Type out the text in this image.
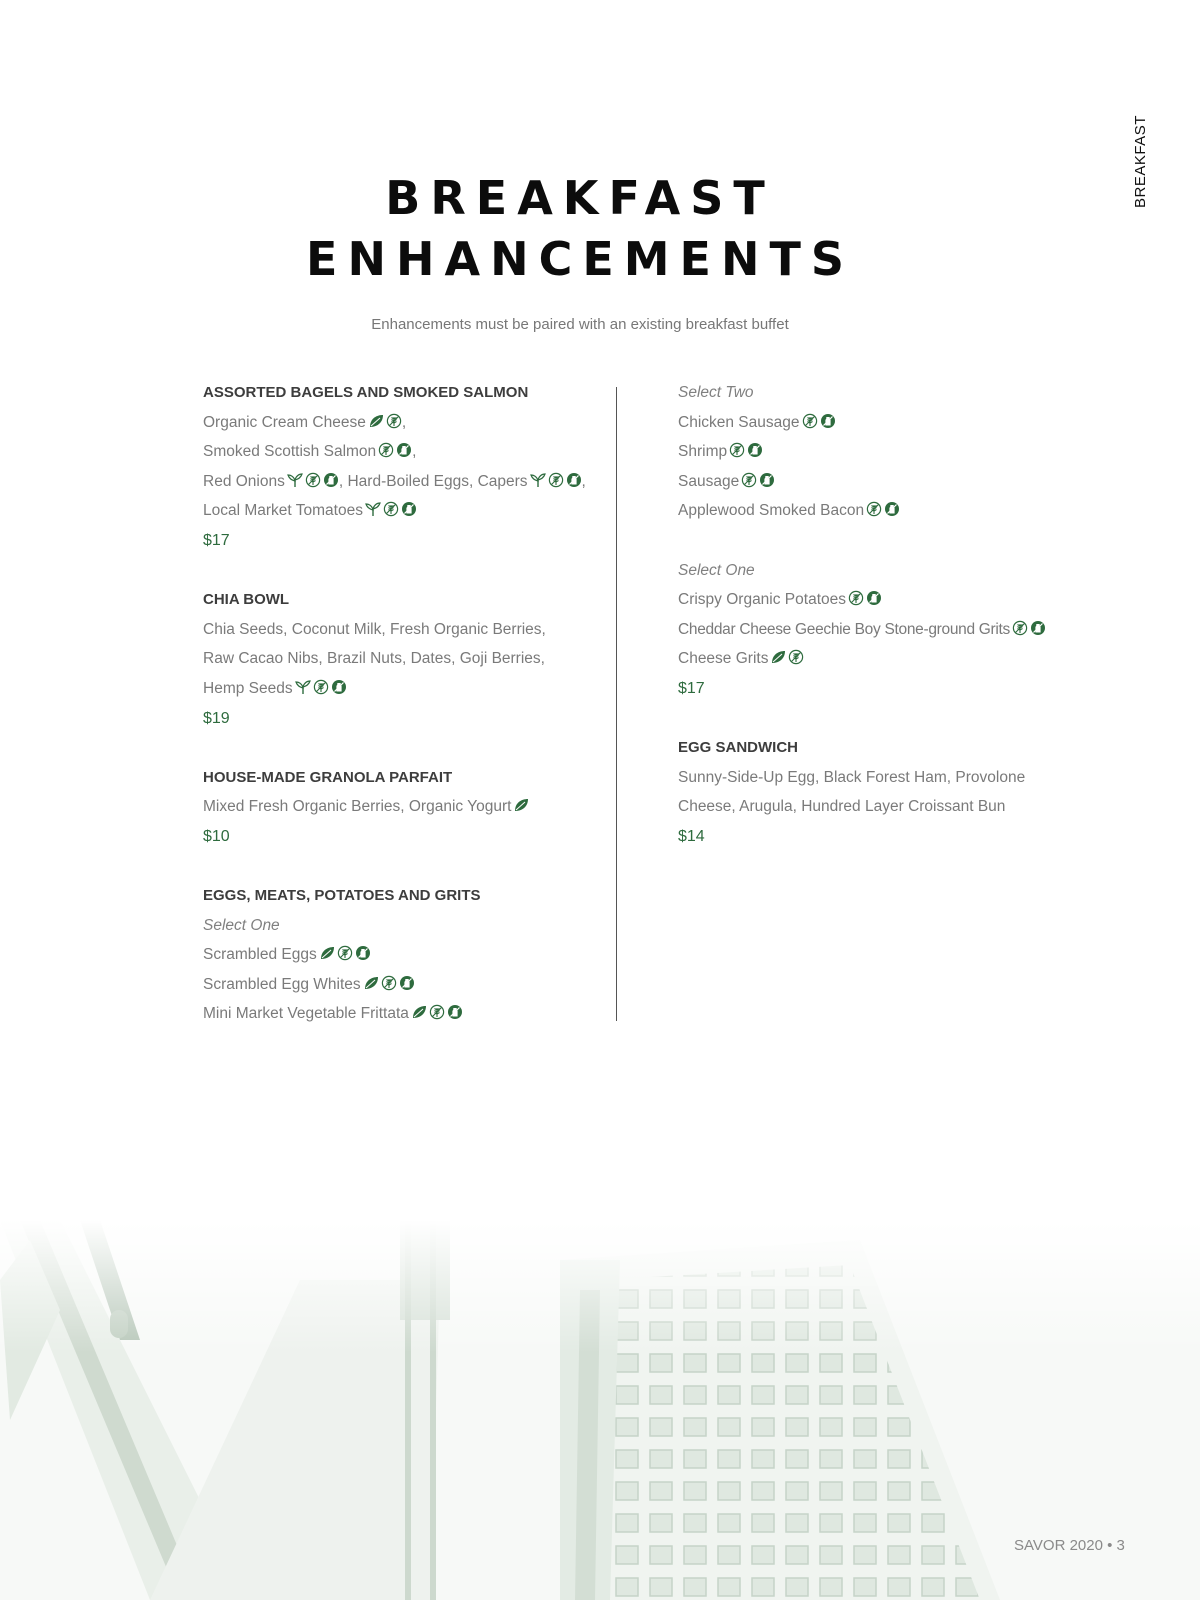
BREAKFAST
BREAKFAST
ENHANCEMENTS
Enhancements must be paired with an existing breakfast buffet
ASSORTED BAGELS AND SMOKED SALMON
Organic Cream Cheese ,
Smoked Scottish Salmon ,
Red Onions	, Hard-Boiled Eggs, Capers	,
Local Market Tomatoes
$17
CHIA BOWL
Chia Seeds, Coconut Milk, Fresh Organic Berries,
Raw Cacao Nibs, Brazil Nuts, Dates, Goji Berries,
Hemp Seeds
$19
HOUSE-MADE GRANOLA PARFAIT
Mixed Fresh Organic Berries, Organic Yogurt
$10
EGGS, MEATS, POTATOES AND GRITS
Select One
Scrambled Eggs
Scrambled Egg Whites
Mini Market Vegetable Frittata
Select Two
Chicken Sausage
Shrimp
Sausage
Applewood Smoked Bacon
Select One
Crispy Organic Potatoes
Cheddar Cheese Geechie Boy Stone-ground Grits
Cheese Grits
$17
EGG SANDWICH
Sunny-Side-Up Egg, Black Forest Ham, Provolone
Cheese, Arugula, Hundred Layer Croissant Bun
$14
SAVOR 2020 • 3
